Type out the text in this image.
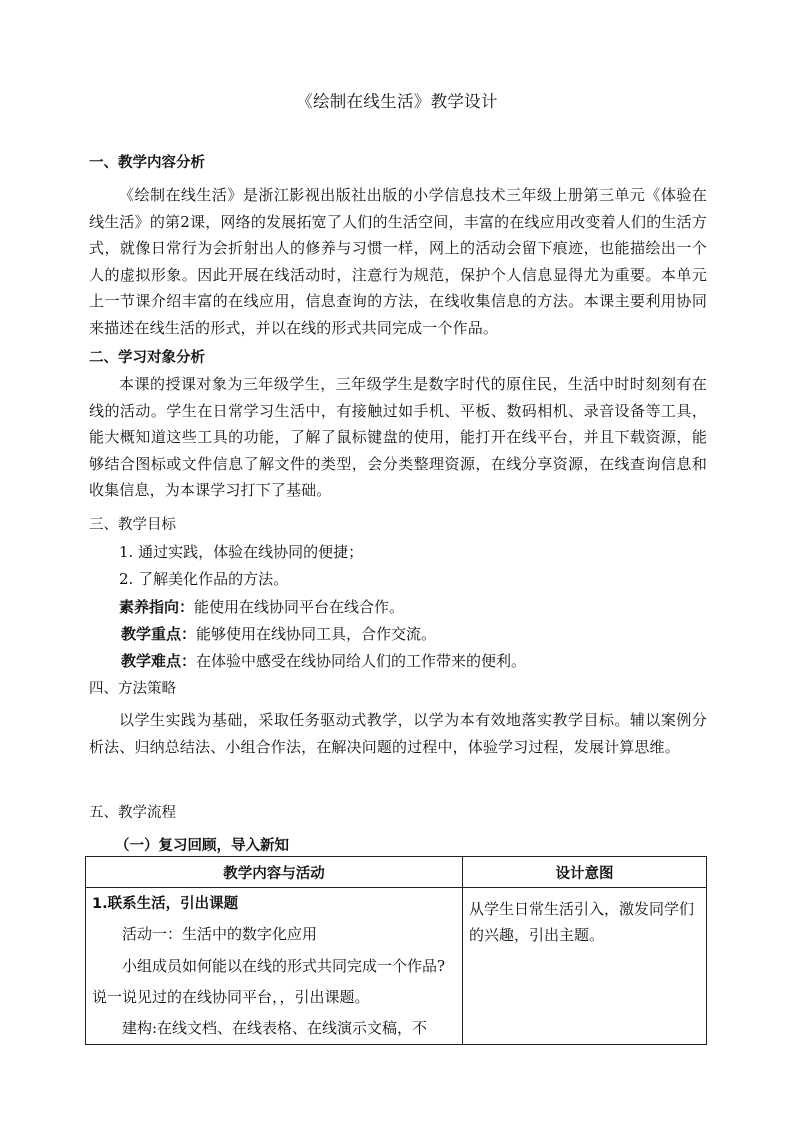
《绘制在线生活》教学设计
一、教学内容分析
《绘制在线生活》是浙江影视出版社出版的小学信息技术三年级上册第三单元《体验在线生活》的第2课，网络的发展拓宽了人们的生活空间，丰富的在线应用改变着人们的生活方式，就像日常行为会折射出人的修养与习惯一样，网上的活动会留下痕迹，也能描绘出一个人的虚拟形象。因此开展在线活动时，注意行为规范，保护个人信息显得尤为重要。本单元上一节课介绍丰富的在线应用，信息查询的方法，在线收集信息的方法。本课主要利用协同来描述在线生活的形式，并以在线的形式共同完成一个作品。
二、学习对象分析
本课的授课对象为三年级学生，三年级学生是数字时代的原住民，生活中时时刻刻有在线的活动。学生在日常学习生活中，有接触过如手机、平板、数码相机、录音设备等工具，能大概知道这些工具的功能，了解了鼠标键盘的使用，能打开在线平台，并且下载资源，能够结合图标或文件信息了解文件的类型，会分类整理资源，在线分享资源，在线查询信息和收集信息，为本课学习打下了基础。
三、教学目标
1. 通过实践，体验在线协同的便捷；
2. 了解美化作品的方法。
素养指向：能使用在线协同平台在线合作。
教学重点：能够使用在线协同工具，合作交流。
教学难点：在体验中感受在线协同给人们的工作带来的便利。
四、方法策略
以学生实践为基础，采取任务驱动式教学，以学为本有效地落实教学目标。辅以案例分析法、归纳总结法、小组合作法，在解决问题的过程中，体验学习过程，发展计算思维。
五、教学流程
（一）复习回顾，导入新知
教学内容与活动	设计意图

1.联系生活，引出课题
活动一：生活中的数字化应用
小组成员如何能以在线的形式共同完成一个作品?说一说见过的在线协同平台，，引出课题。
建构:在线文档、在线表格、在线演示文稿，不	从学生日常生活引入，激发同学们的兴趣，引出主题。
